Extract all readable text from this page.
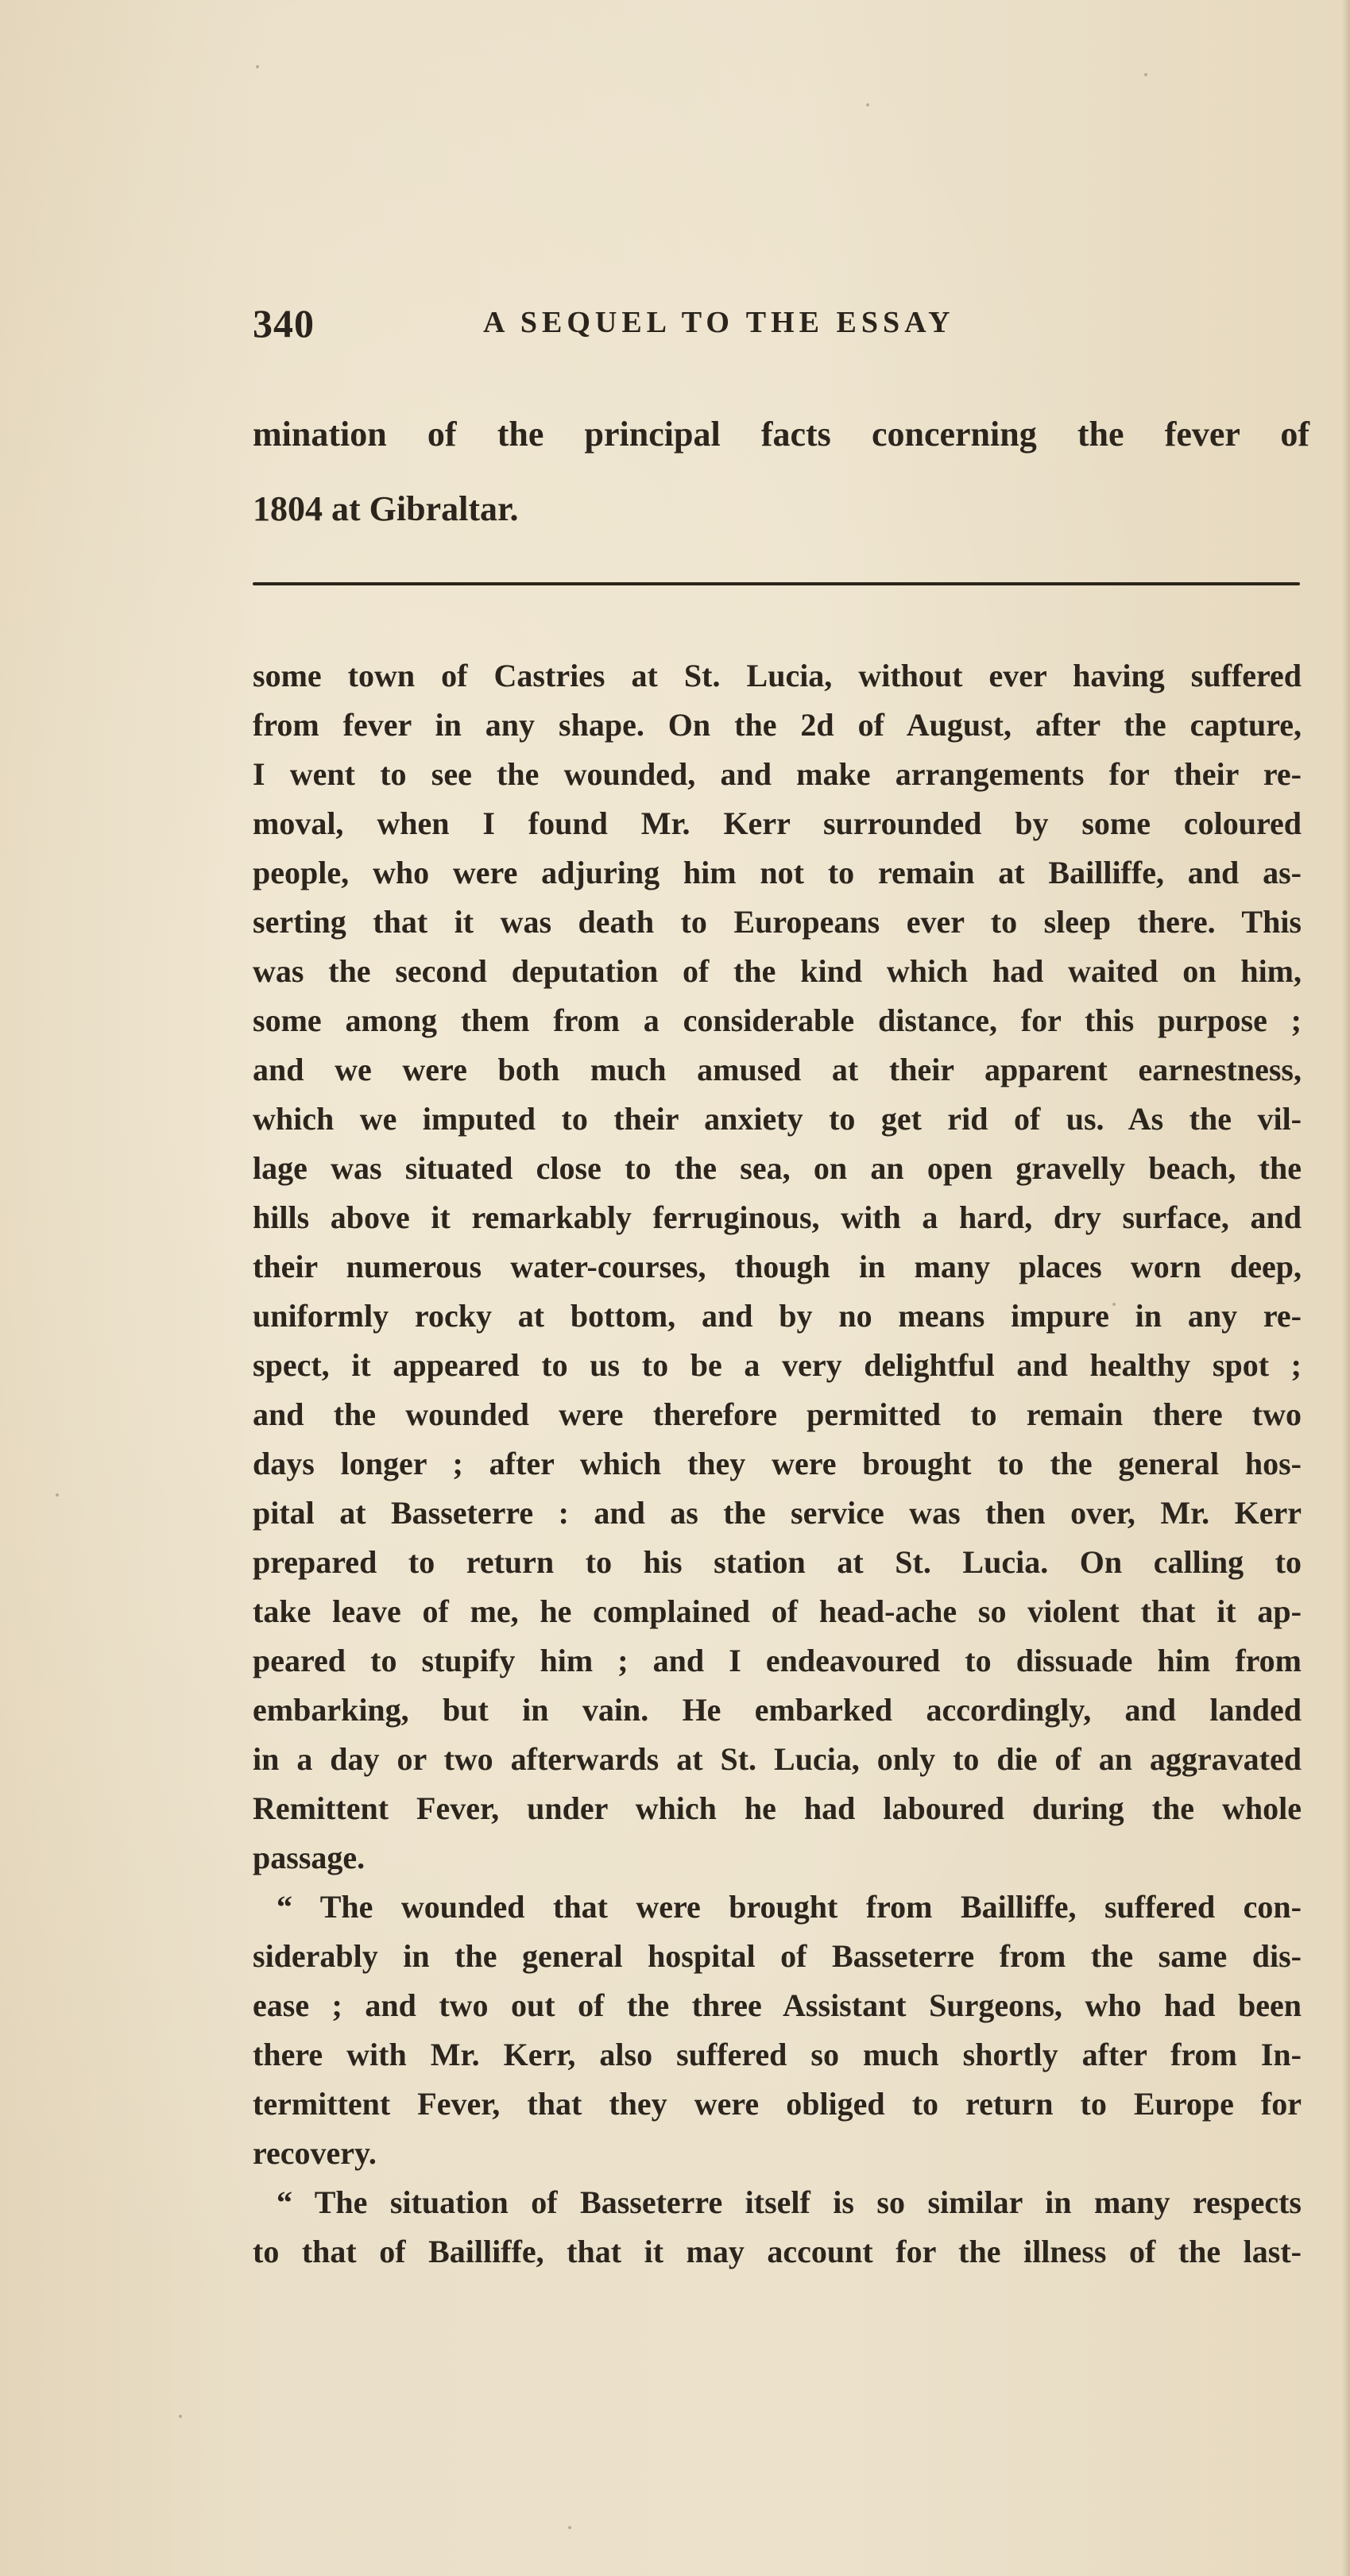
340	A SEQUEL TO THE ESSAY
mination of the principal facts concerning the fever of
1804 at Gibraltar.
some town of Castries at St. Lucia, without ever having suffered
from fever in any shape. On the 2d of August, after the capture,
I went to see the wounded, and make arrangements for their re-
moval, when I found Mr. Kerr surrounded by some coloured
people, who were adjuring him not to remain at Bailliffe, and as-
serting that it was death to Europeans ever to sleep there. This
was the second deputation of the kind which had waited on him,
some among them from a considerable distance, for this purpose ;
and we were both much amused at their apparent earnestness,
which we imputed to their anxiety to get rid of us. As the vil-
lage was situated close to the sea, on an open gravelly beach, the
hills above it remarkably ferruginous, with a hard, dry surface, and
their numerous water-courses, though in many places worn deep,
uniformly rocky at bottom, and by no means impure in any re-
spect, it appeared to us to be a very delightful and healthy spot ;
and the wounded were therefore permitted to remain there two
days longer ; after which they were brought to the general hos-
pital at Basseterre : and as the service was then over, Mr. Kerr
prepared to return to his station at St. Lucia. On calling to
take leave of me, he complained of head-ache so violent that it ap-
peared to stupify him ; and I endeavoured to dissuade him from
embarking, but in vain. He embarked accordingly, and landed
in a day or two afterwards at St. Lucia, only to die of an aggravated
Remittent Fever, under which he had laboured during the whole
passage.
“ The wounded that were brought from Bailliffe, suffered con-
siderably in the general hospital of Basseterre from the same dis-
ease ; and two out of the three Assistant Surgeons, who had been
there with Mr. Kerr, also suffered so much shortly after from In-
termittent Fever, that they were obliged to return to Europe for
recovery.
“ The situation of Basseterre itself is so similar in many respects
to that of Bailliffe, that it may account for the illness of the last-
